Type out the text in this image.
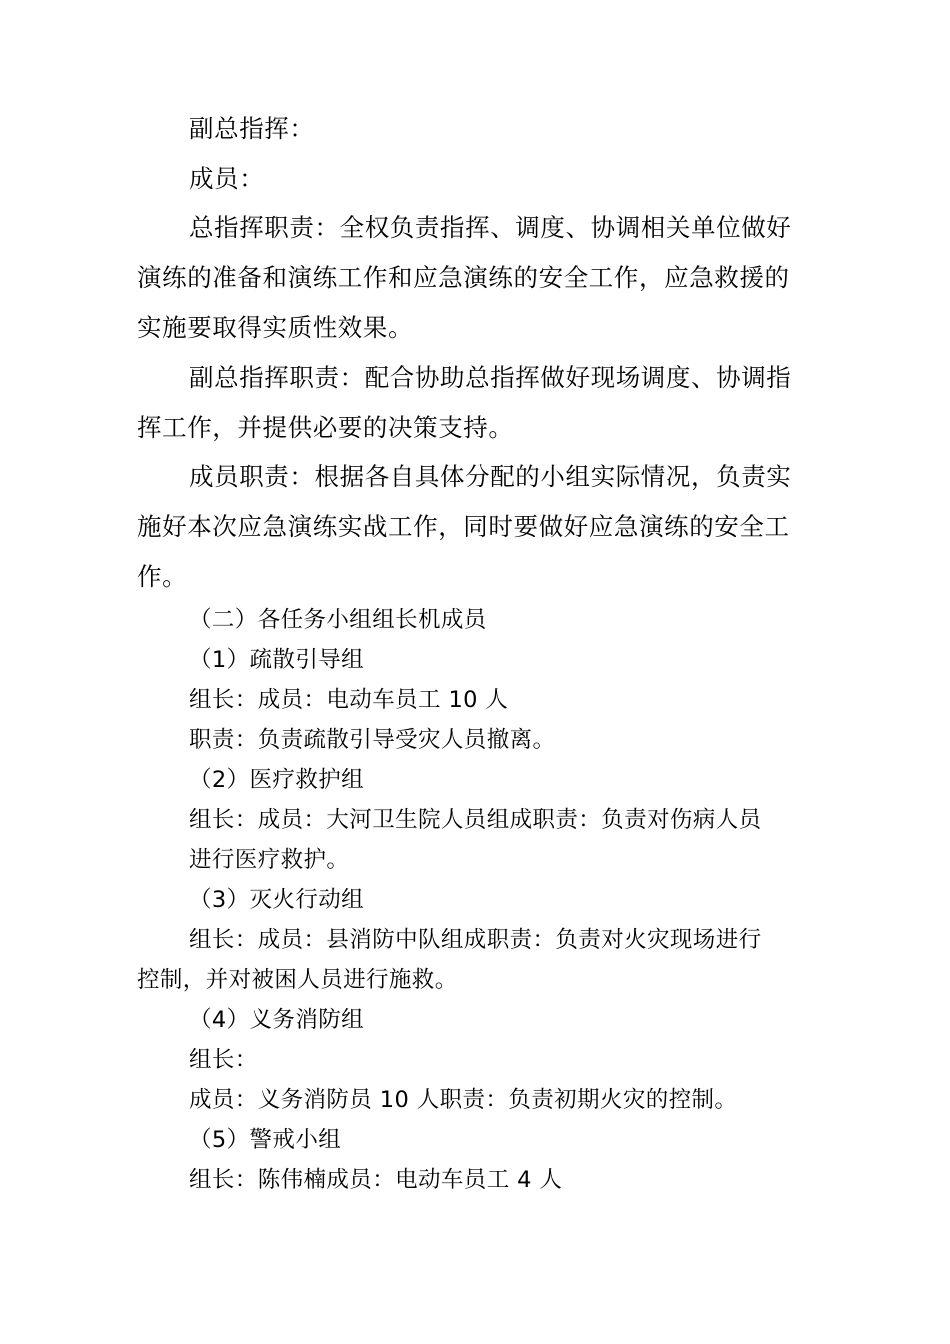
副总指挥：

成员：

总指挥职责：全权负责指挥、调度、协调相关单位做好

演练的准备和演练工作和应急演练的安全工作，应急救援的

实施要取得实质性效果。

副总指挥职责：配合协助总指挥做好现场调度、协调指

挥工作，并提供必要的决策支持。

成员职责：根据各自具体分配的小组实际情况，负责实

施好本次应急演练实战工作，同时要做好应急演练的安全工

作。

（二）各任务小组组长机成员

（1）疏散引导组

组长：成员：电动车员工 10 人

职责：负责疏散引导受灾人员撤离。

（2）医疗救护组

组长：成员：大河卫生院人员组成职责：负责对伤病人员

进行医疗救护。

（3）灭火行动组

组长：成员：县消防中队组成职责：负责对火灾现场进行

控制，并对被困人员进行施救。

（4）义务消防组

组长：

成员：义务消防员 10 人职责：负责初期火灾的控制。

（5）警戒小组

组长：陈伟楠成员：电动车员工 4 人
